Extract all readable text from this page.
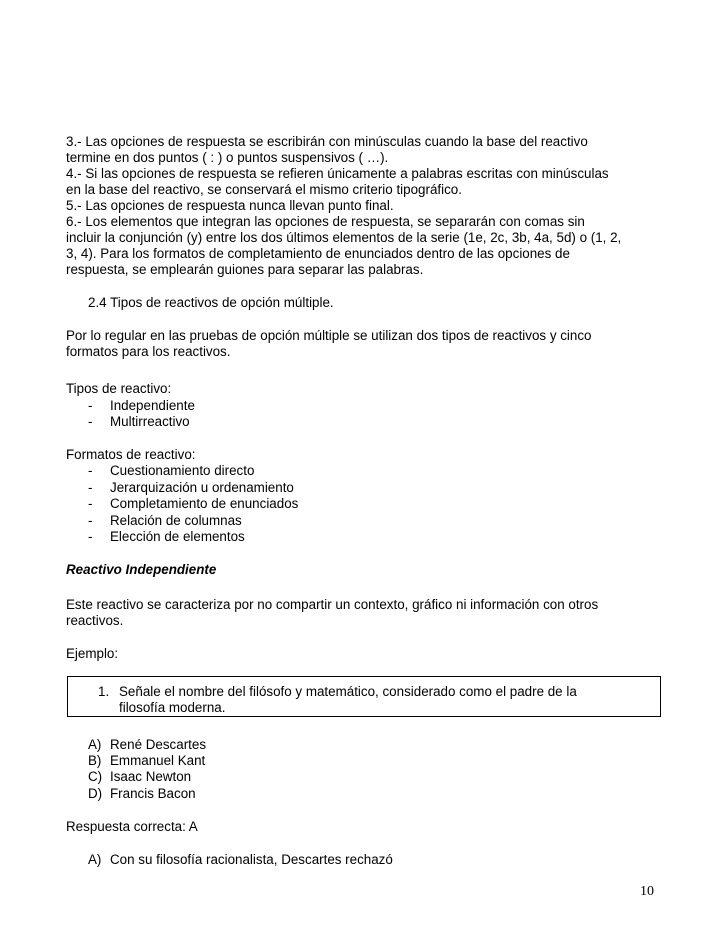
3.- Las opciones de respuesta se escribirán con minúsculas cuando la base del reactivo
termine en dos puntos ( : ) o puntos suspensivos ( …).
4.- Si las opciones de respuesta se refieren únicamente a palabras escritas con minúsculas
en la base del reactivo, se conservará el mismo criterio tipográfico.
5.- Las opciones de respuesta nunca llevan punto final.
6.- Los elementos que integran las opciones de respuesta, se separarán con comas sin
incluir la conjunción (y) entre los dos últimos elementos de la serie (1e, 2c, 3b, 4a, 5d) o (1, 2,
3, 4). Para los formatos de completamiento de enunciados dentro de las opciones de
respuesta, se emplearán guiones para separar las palabras.
2.4 Tipos de reactivos de opción múltiple.
Por lo regular en las pruebas de opción múltiple se utilizan dos tipos de reactivos y cinco
formatos para los reactivos.
Tipos de reactivo:
- Independiente
- Multirreactivo
Formatos de reactivo:
- Cuestionamiento directo
- Jerarquización u ordenamiento
- Completamiento de enunciados
- Relación de columnas
- Elección de elementos
Reactivo Independiente
Este reactivo se caracteriza por no compartir un contexto, gráfico ni información con otros
reactivos.
Ejemplo:
1. Señale el nombre del filósofo y matemático, considerado como el padre de la
filosofía moderna.
A) René Descartes
B) Emmanuel Kant
C) Isaac Newton
D) Francis Bacon
Respuesta correcta: A
A) Con su filosofía racionalista, Descartes rechazó
10
